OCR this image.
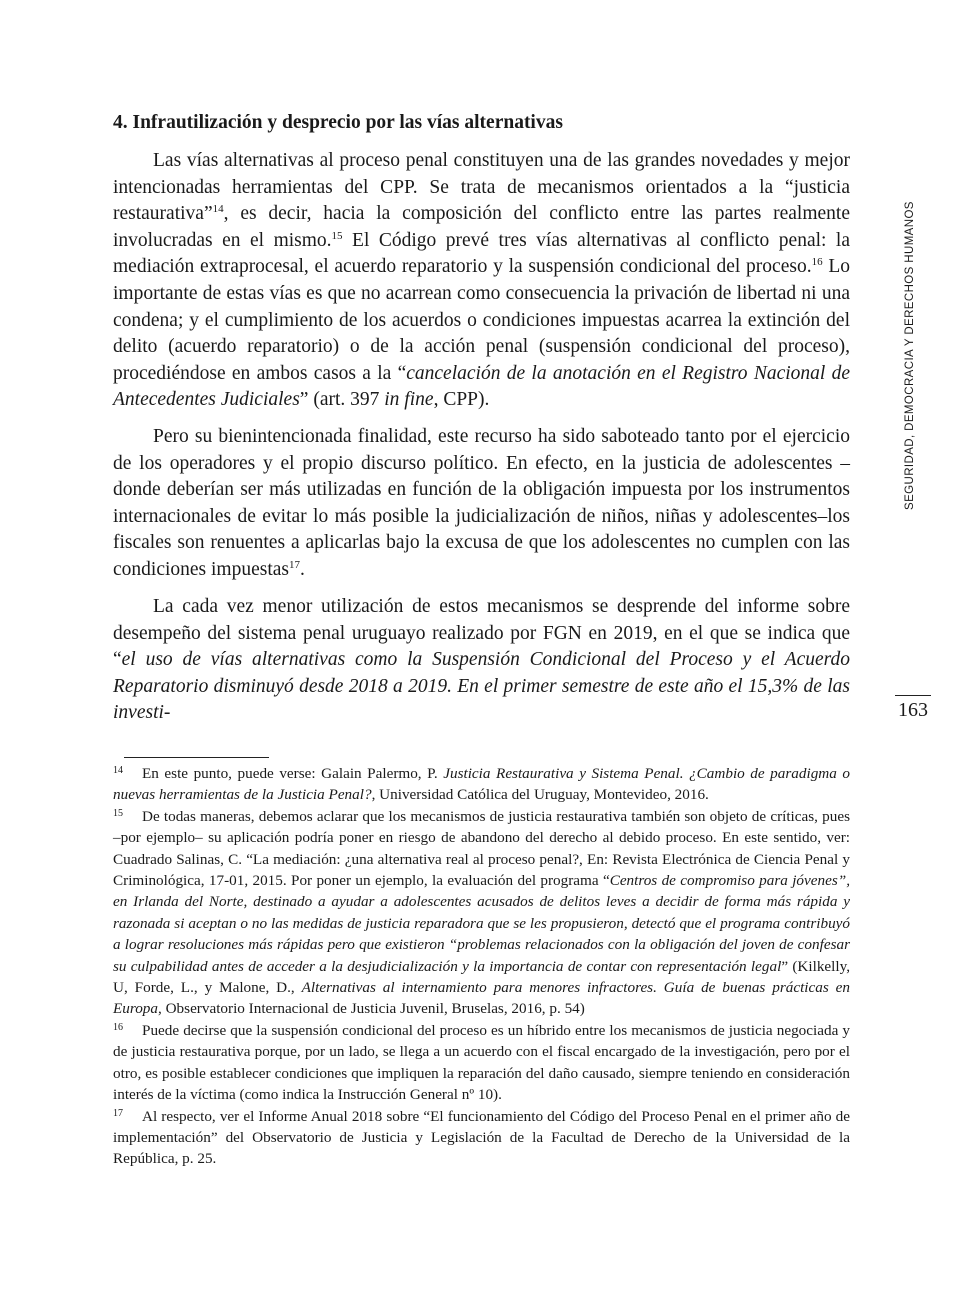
4. Infrautilización y desprecio por las vías alternativas

Las vías alternativas al proceso penal constituyen una de las grandes novedades y mejor intencionadas herramientas del CPP. Se trata de mecanismos orientados a la “justicia restaurativa”$^{14}$, es decir, hacia la composición del conflicto entre las partes realmente involucradas en el mismo.$^{15}$ El Código prevé tres vías alternativas al conflicto penal: la mediación extraprocesal, el acuerdo reparatorio y la suspensión condicional del proceso.$^{16}$ Lo importante de estas vías es que no acarrean como consecuencia la privación de libertad ni una condena; y el cumplimiento de los acuerdos o condiciones impuestas acarrea la extinción del delito (acuerdo reparatorio) o de la acción penal (suspensión condicional del proceso), procediéndose en ambos casos a la “cancelación de la anotación en el Registro Nacional de Antecedentes Judiciales” (art. 397 in fine, CPP).

Pero su bienintencionada finalidad, este recurso ha sido saboteado tanto por el ejercicio de los operadores y el propio discurso político. En efecto, en la justicia de adolescentes –donde deberían ser más utilizadas en función de la obligación impuesta por los instrumentos internacionales de evitar lo más posible la judicialización de niños, niñas y adolescentes–los fiscales son renuentes a aplicarlas bajo la excusa de que los adolescentes no cumplen con las condiciones impuestas$^{17}$.

La cada vez menor utilización de estos mecanismos se desprende del informe sobre desempeño del sistema penal uruguayo realizado por FGN en 2019, en el que se indica que “el uso de vías alternativas como la Suspensión Condicional del Proceso y el Acuerdo Reparatorio disminuyó desde 2018 a 2019. En el primer semestre de este año el 15,3% de las investi-

SEGURIDAD, DEMOCRACIA Y DERECHOS HUMANOS
163

14 En este punto, puede verse: Galain Palermo, P. Justicia Restaurativa y Sistema Penal. ¿Cambio de paradigma o nuevas herramientas de la Justicia Penal?, Universidad Católica del Uruguay, Montevideo, 2016.

15 De todas maneras, debemos aclarar que los mecanismos de justicia restaurativa también son objeto de críticas, pues –por ejemplo– su aplicación podría poner en riesgo de abandono del derecho al debido proceso. En este sentido, ver: Cuadrado Salinas, C. “La mediación: ¿una alternativa real al proceso penal?, En: Revista Electrónica de Ciencia Penal y Criminológica, 17-01, 2015. Por poner un ejemplo, la evaluación del programa “Centros de compromiso para jóvenes”, en Irlanda del Norte, destinado a ayudar a adolescentes acusados de delitos leves a decidir de forma más rápida y razonada si aceptan o no las medidas de justicia reparadora que se les propusieron, detectó que el programa contribuyó a lograr resoluciones más rápidas pero que existieron “problemas relacionados con la obligación del joven de confesar su culpabilidad antes de acceder a la desjudicialización y la importancia de contar con representación legal” (Kilkelly, U, Forde, L., y Malone, D., Alternativas al internamiento para menores infractores. Guía de buenas prácticas en Europa, Observatorio Internacional de Justicia Juvenil, Bruselas, 2016, p. 54)

16 Puede decirse que la suspensión condicional del proceso es un híbrido entre los mecanismos de justicia negociada y de justicia restaurativa porque, por un lado, se llega a un acuerdo con el fiscal encargado de la investigación, pero por el otro, es posible establecer condiciones que impliquen la reparación del daño causado, siempre teniendo en consideración interés de la víctima (como indica la Instrucción General nº 10).

17 Al respecto, ver el Informe Anual 2018 sobre “El funcionamiento del Código del Proceso Penal en el primer año de implementación” del Observatorio de Justicia y Legislación de la Facultad de Derecho de la Universidad de la República, p. 25.
